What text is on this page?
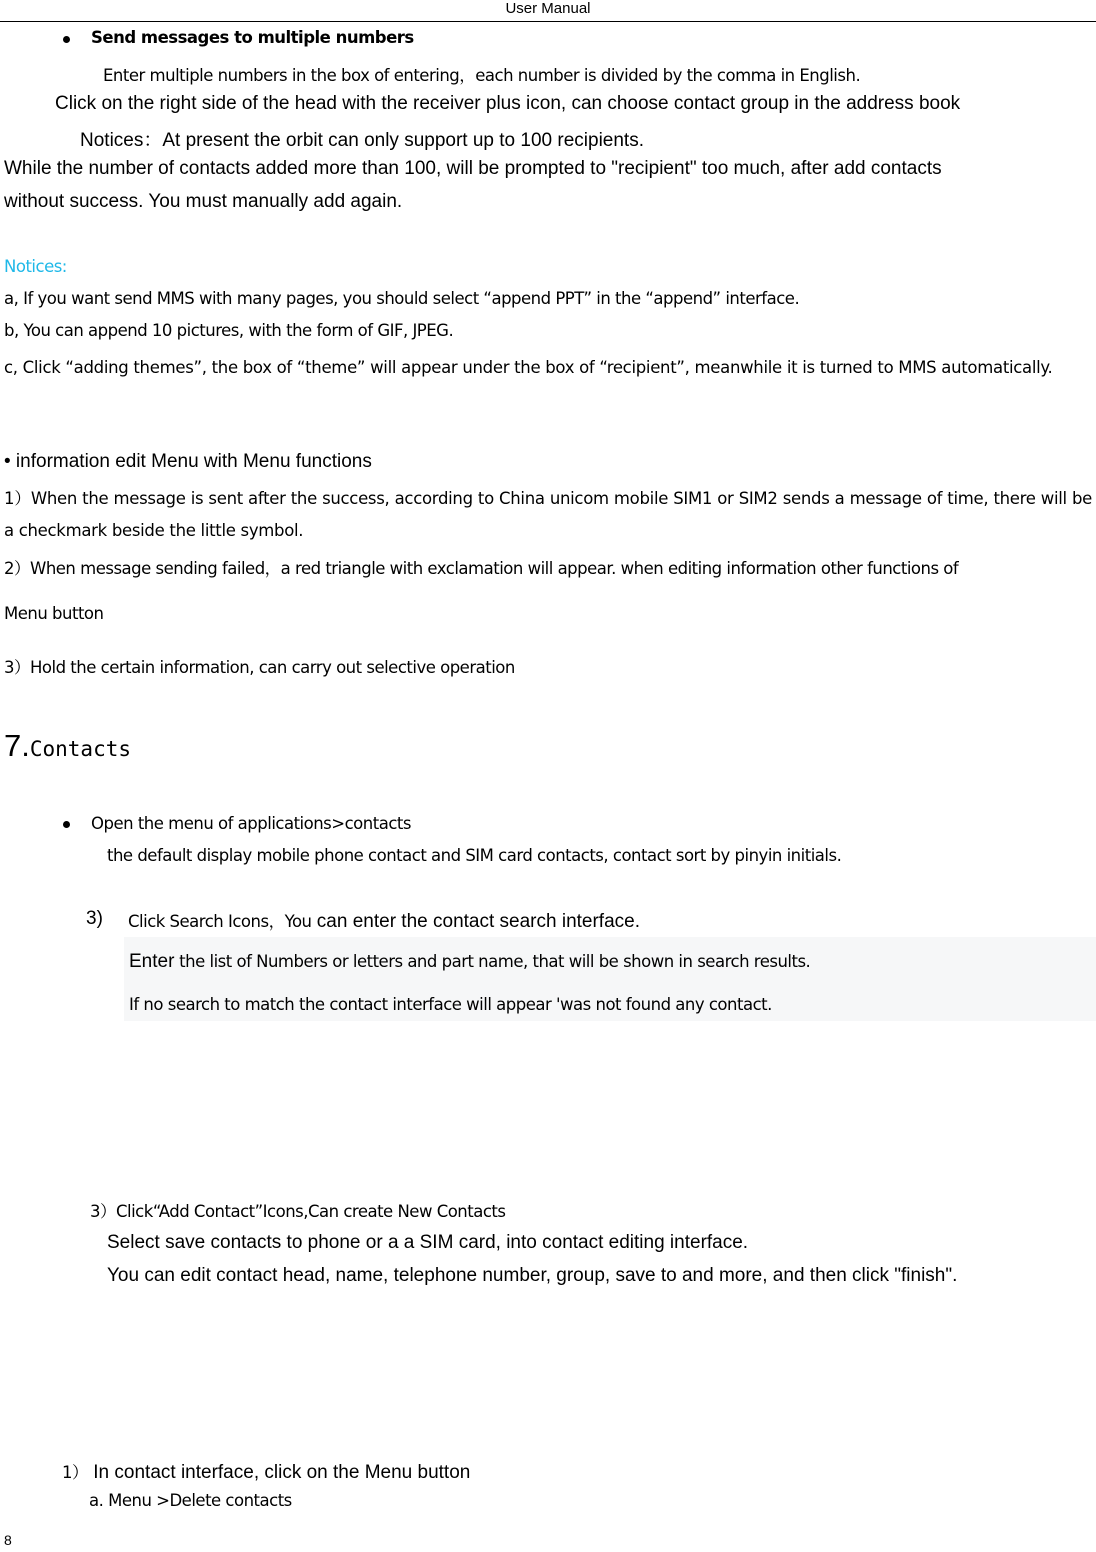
User Manual
Send messages to multiple numbers
Enter multiple numbers in the box of entering，each number is divided by the comma in English.
Click on the right side of the head with the receiver plus icon, can choose contact group in the address book
Notices：At present the orbit can only support up to 100 recipients.
While the number of contacts added more than 100, will be prompted to "recipient" too much, after add contacts
without success. You must manually add again.
Notices:
a, If you want send MMS with many pages, you should select “append PPT” in the “append” interface.
b, You can append 10 pictures, with the form of GIF, JPEG.
c, Click “adding themes”, the box of “theme” will appear under the box of “recipient”, meanwhile it is turned to MMS automatically.
• information edit Menu with Menu functions
1）When the message is sent after the success, according to China unicom mobile SIM1 or SIM2 sends a message of time, there will be a checkmark beside the little symbol.
2）When message sending failed，a red triangle with exclamation will appear. when editing information other functions of
Menu button
3）Hold the certain information, can carry out selective operation
7.Contacts
Open the menu of applications>contacts
the default display mobile phone contact and SIM card contacts, contact sort by pinyin initials.
3) Click Search Icons，You can enter the contact search interface.
Enter the list of Numbers or letters and part name, that will be shown in search results.
If no search to match the contact interface will appear 'was not found any contact.
3）Click“Add Contact”Icons,Can create New Contacts
Select save contacts to phone or a a SIM card, into contact editing interface.
You can edit contact head, name, telephone number, group, save to and more, and then click "finish".
1） In contact interface, click on the Menu button
a. Menu >Delete contacts
8
